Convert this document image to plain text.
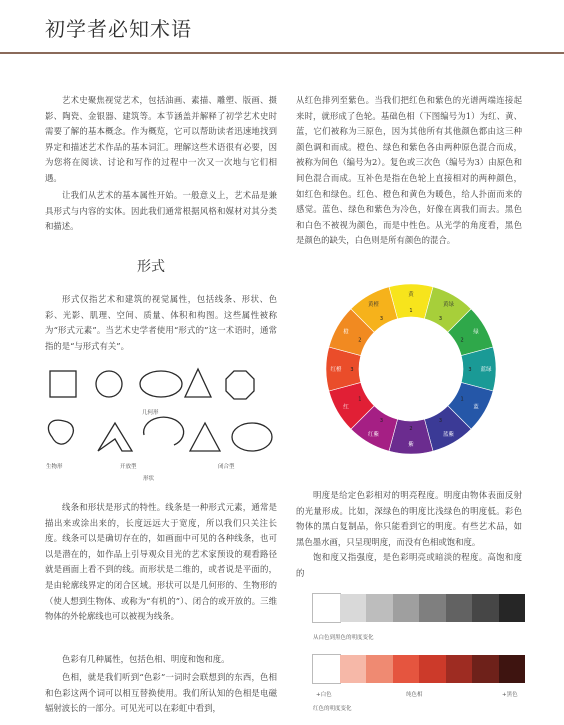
初学者必知术语

艺术史聚焦视觉艺术，包括油画、素描、雕塑、版画、摄影、陶瓷、金银器、建筑等。本节涵盖并解释了初学艺术史时需要了解的基本概念。作为概览，它可以帮助读者迅速地找到界定和描述艺术作品的基本词汇。理解这些术语很有必要，因为您将在阅读、讨论和写作的过程中一次又一次地与它们相遇。

让我们从艺术的基本属性开始。一般意义上，艺术品是兼具形式与内容的实体。因此我们通常根据风格和媒材对其分类和描述。

形式

形式仅指艺术和建筑的视觉属性，包括线条、形状、色彩、光影、肌理、空间、质量、体积和构图。这些属性被称为“形式元素”。当艺术史学者使用“形式的”这一术语时，通常指的是“与形式有关”。

几何形
生物形	开放型	闭合型
形状

线条和形状是形式的特性。线条是一种形式元素，通常是描出来或涂出来的，长度远远大于宽度，所以我们只关注长度。线条可以是确切存在的，如画面中可见的各种线条，也可以是潜在的，如作品上引导观众目光的艺术家预设的观看路径就是画面上看不到的线。而形状是二维的，或者说是平面的，是由轮廓线界定的闭合区域。形状可以是几何形的、生物形的（使人想到生物体、或称为“有机的”）、闭合的或开放的。三维物体的外轮廓线也可以被视为线条。

色彩有几种属性，包括色相、明度和饱和度。

色相，就是我们听到“色彩”一词时会联想到的东西，色相和色彩这两个词可以相互替换使用。我们所认知的色相是电磁辐射波长的一部分。可见光可以在彩虹中看到，

从红色排列至紫色。当我们把红色和紫色的光谱两端连接起来时，就形成了色轮。基础色相（下图编号为1）为红、黄、蓝，它们被称为三原色，因为其他所有其他颜色都由这三种颜色调和而成。橙色、绿色和紫色各由两种原色混合而成，被称为间色（编号为2）。复色或三次色（编号为3）由原色和间色混合而成。互补色是指在色轮上直接相对的两种颜色，如红色和绿色。红色、橙色和黄色为暖色，给人扑面而来的感觉。蓝色、绿色和紫色为冷色，好像在离我们而去。黑色和白色不被视为颜色，而是中性色。从光学的角度看，黑色是颜色的缺失，白色则是所有颜色的混合。

黄
1
黄绿
3
绿
2
蓝绿
3
蓝
1
蓝紫
3
紫
2
红紫
3
红
1
红橙 3
橙
2
黄橙
3

明度是给定色彩相对的明亮程度。明度由物体表面反射的光量形成。比如，深绿色的明度比浅绿色的明度低。彩色物体的黑白复制品，你只能看到它的明度。有些艺术品，如黑色墨水画，只呈现明度，而没有色相或饱和度。

饱和度又指强度，是色彩明亮或暗淡的程度。高饱和度的

从白色到黑色的明度变化
+白色	纯色相	+黑色
红色的明度变化
